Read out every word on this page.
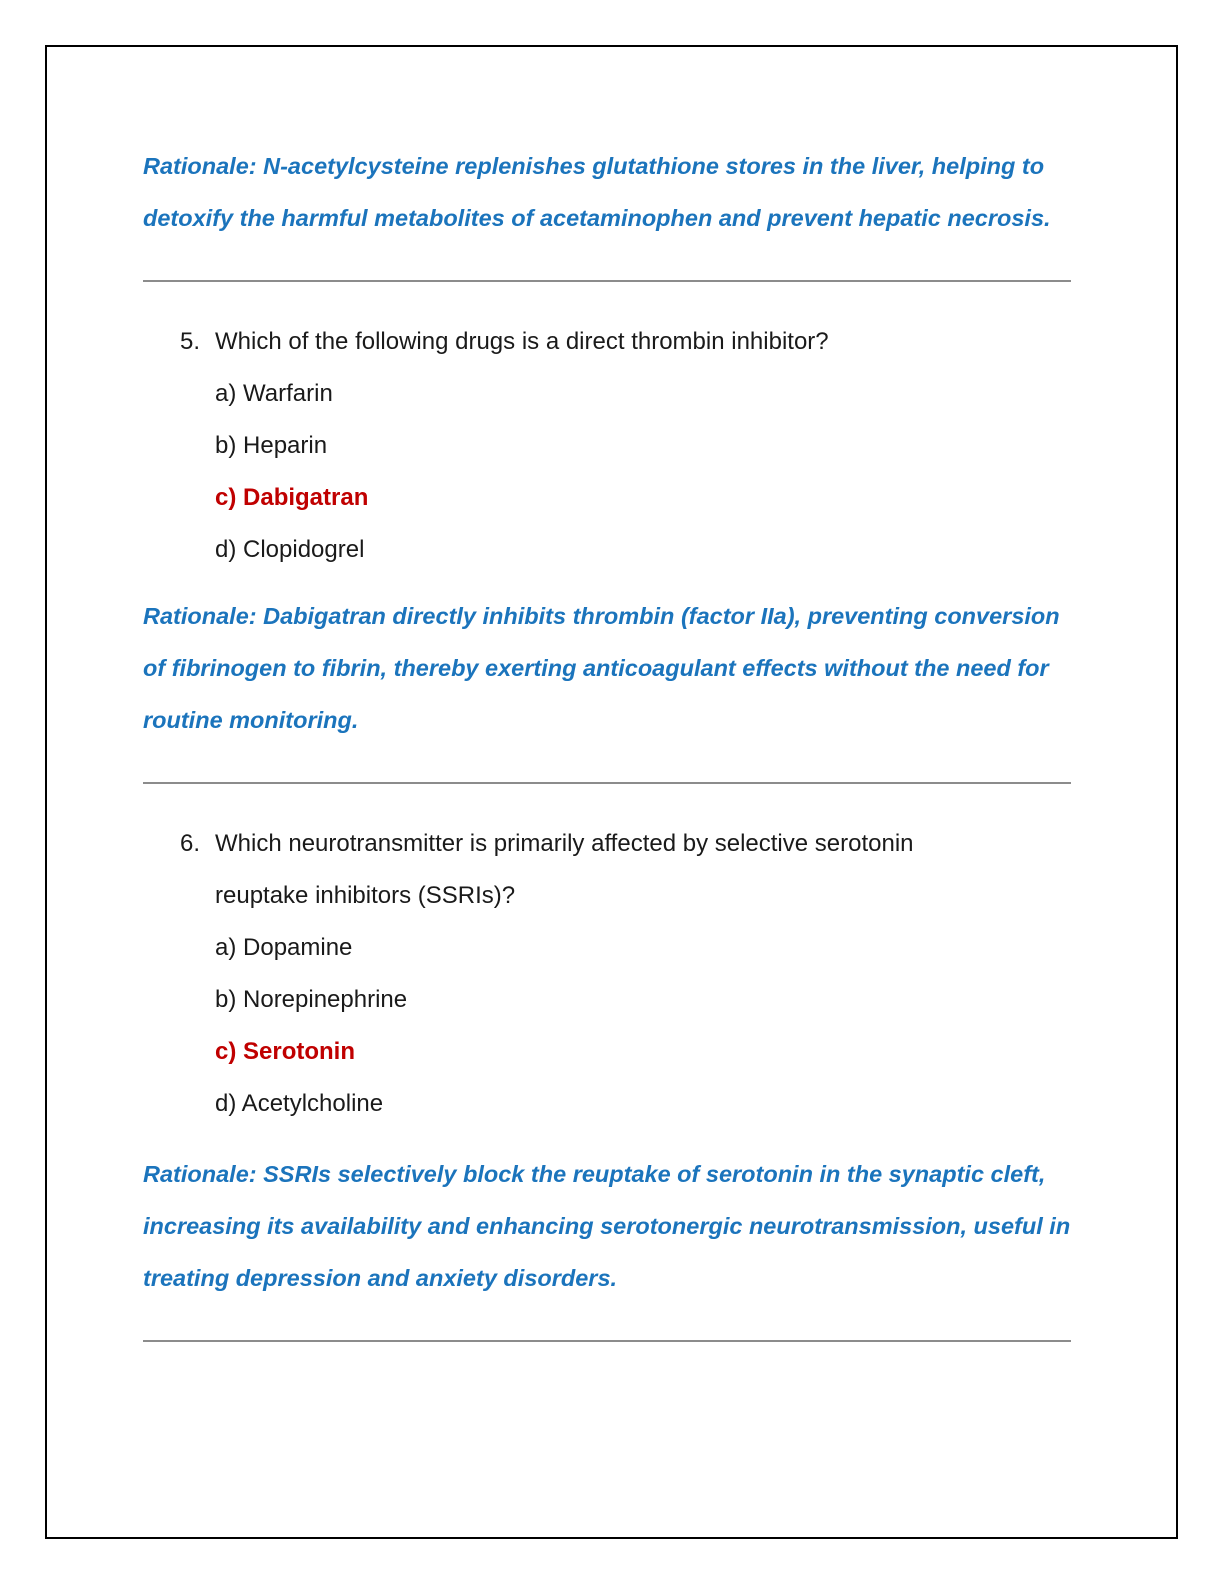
Rationale: N-acetylcysteine replenishes glutathione stores in the liver, helping to detoxify the harmful metabolites of acetaminophen and prevent hepatic necrosis.

5. Which of the following drugs is a direct thrombin inhibitor?
a) Warfarin
b) Heparin
c) Dabigatran
d) Clopidogrel

Rationale: Dabigatran directly inhibits thrombin (factor IIa), preventing conversion of fibrinogen to fibrin, thereby exerting anticoagulant effects without the need for routine monitoring.

6. Which neurotransmitter is primarily affected by selective serotonin reuptake inhibitors (SSRIs)?
a) Dopamine
b) Norepinephrine
c) Serotonin
d) Acetylcholine

Rationale: SSRIs selectively block the reuptake of serotonin in the synaptic cleft, increasing its availability and enhancing serotonergic neurotransmission, useful in treating depression and anxiety disorders.
